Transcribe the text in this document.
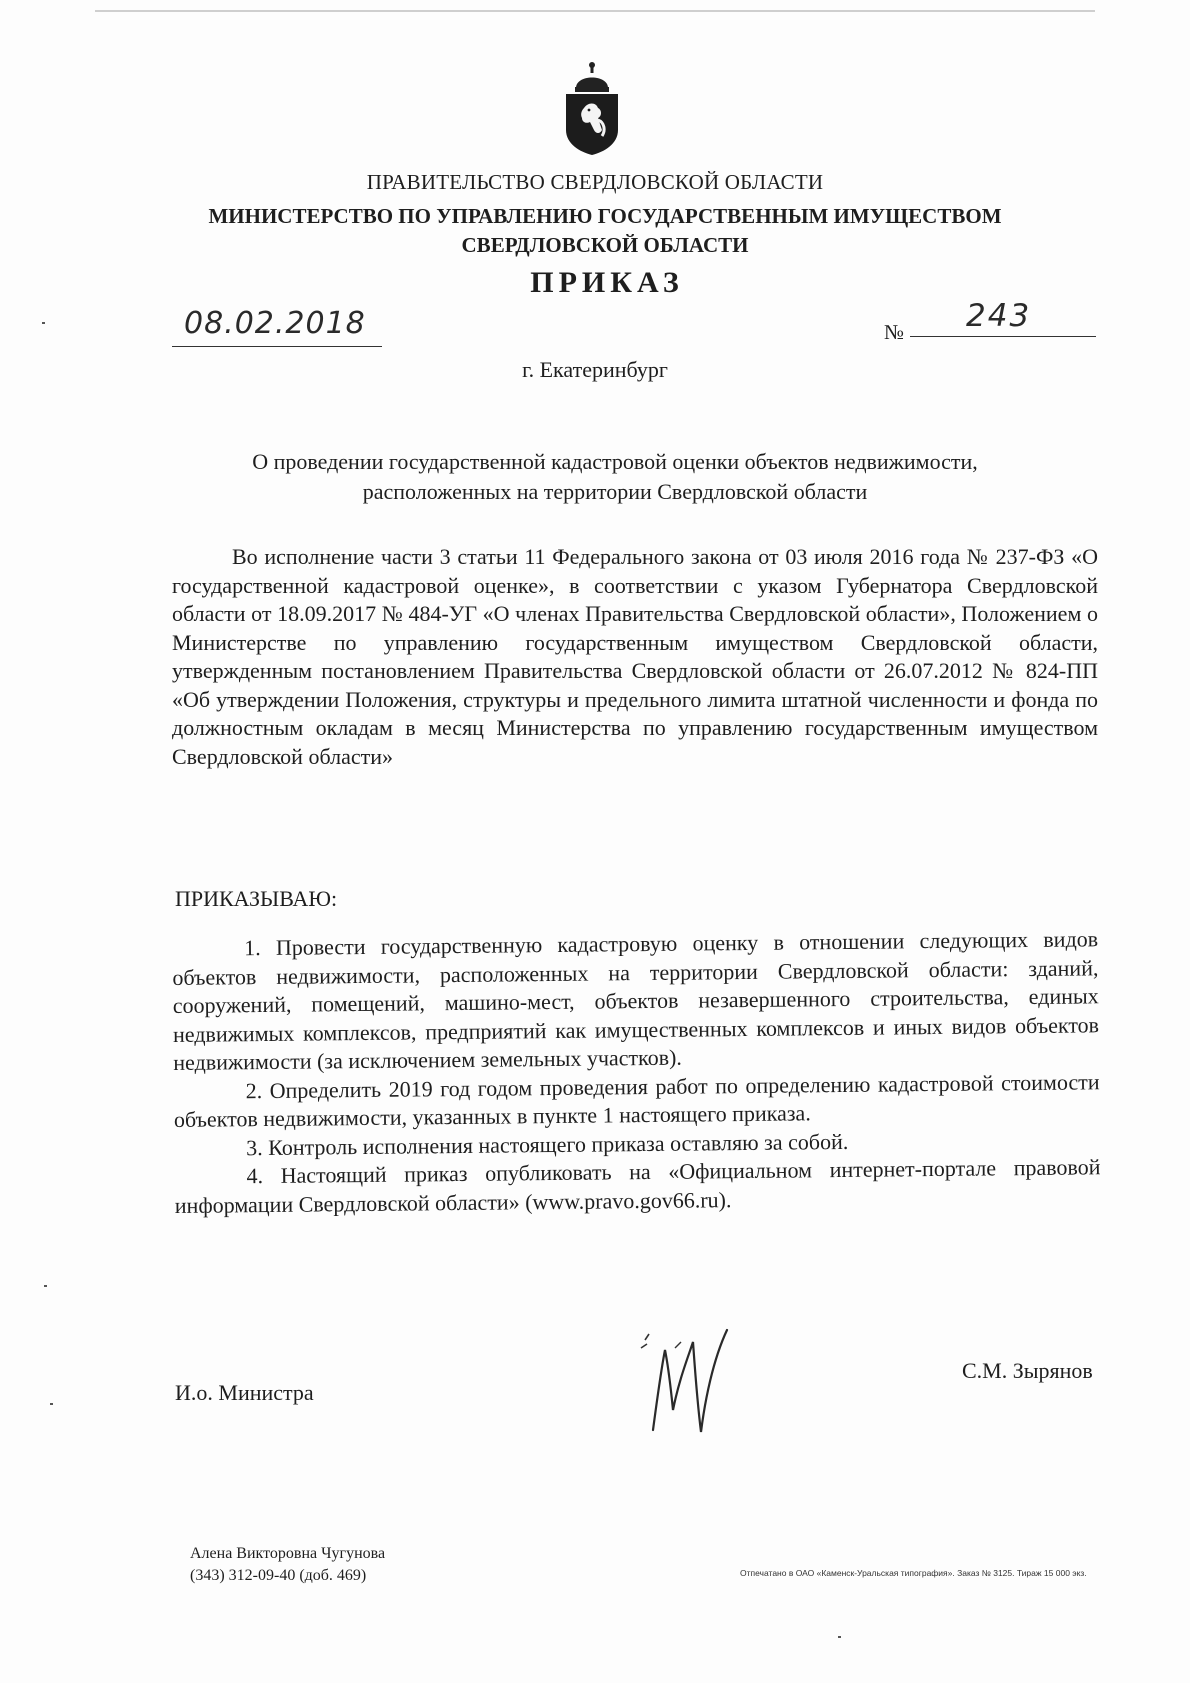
ПРАВИТЕЛЬСТВО СВЕРДЛОВСКОЙ ОБЛАСТИ
МИНИСТЕРСТВО ПО УПРАВЛЕНИЮ ГОСУДАРСТВЕННЫМ ИМУЩЕСТВОМ
СВЕРДЛОВСКОЙ ОБЛАСТИ
ПРИКАЗ
08.02.2018	№ 243
г. Екатеринбург
О проведении государственной кадастровой оценки объектов недвижимости,
расположенных на территории Свердловской области

Во исполнение части 3 статьи 11 Федерального закона от 03 июля 2016 года № 237-ФЗ «О государственной кадастровой оценке», в соответствии с указом Губернатора Свердловской области от 18.09.2017 № 484-УГ «О членах Правительства Свердловской области», Положением о Министерстве по управлению государственным имуществом Свердловской области, утвержденным постановлением Правительства Свердловской области от 26.07.2012 № 824-ПП «Об утверждении Положения, структуры и предельного лимита штатной численности и фонда по должностным окладам в месяц Министерства по управлению государственным имуществом Свердловской области»

ПРИКАЗЫВАЮ:

1. Провести государственную кадастровую оценку в отношении следующих видов объектов недвижимости, расположенных на территории Свердловской области: зданий, сооружений, помещений, машино-мест, объектов незавершенного строительства, единых недвижимых комплексов, предприятий как имущественных комплексов и иных видов объектов недвижимости (за исключением земельных участков).

2. Определить 2019 год годом проведения работ по определению кадастровой стоимости объектов недвижимости, указанных в пункте 1 настоящего приказа.

3. Контроль исполнения настоящего приказа оставляю за собой.

4. Настоящий приказ опубликовать на «Официальном интернет-портале правовой информации Свердловской области» (www.pravo.gov66.ru).

И.о. Министра

С.М. Зырянов

Алена Викторовна Чугунова
(343) 312-09-40 (доб. 469)	Отпечатано в ОАО «Каменск-Уральская типография». Заказ № 3125. Тираж 15 000 экз.
